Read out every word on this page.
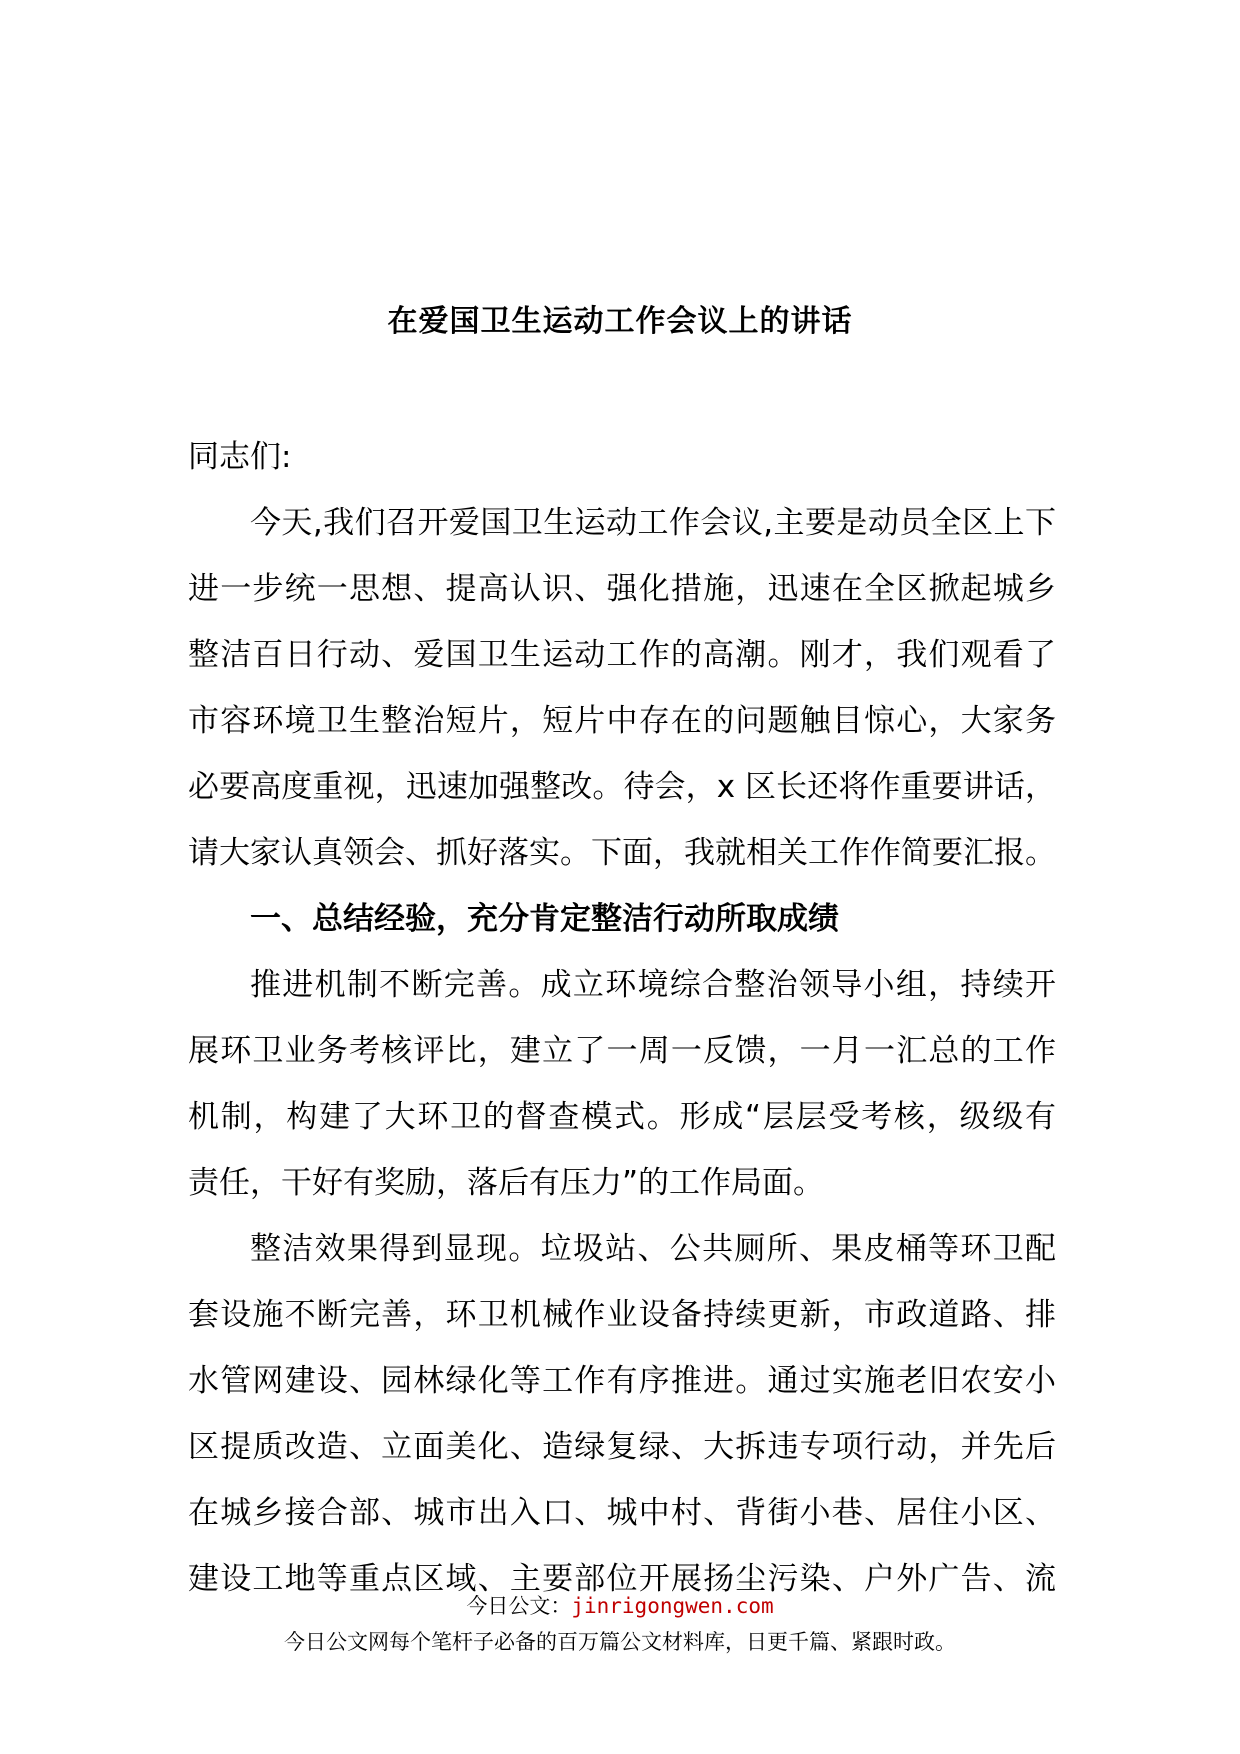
在爱国卫生运动工作会议上的讲话
同志们:
今天,我们召开爱国卫生运动工作会议,主要是动员全区上下
进一步统一思想、提高认识、强化措施，迅速在全区掀起城乡
整洁百日行动、爱国卫生运动工作的高潮。刚才，我们观看了
市容环境卫生整治短片，短片中存在的问题触目惊心，大家务
必要高度重视，迅速加强整改。待会，x 区长还将作重要讲话，
请大家认真领会、抓好落实。下面，我就相关工作作简要汇报。
一、总结经验，充分肯定整洁行动所取成绩
推进机制不断完善。成立环境综合整治领导小组，持续开
展环卫业务考核评比，建立了一周一反馈，一月一汇总的工作
机制，构建了大环卫的督查模式。形成“层层受考核，级级有
责任，干好有奖励，落后有压力”的工作局面。
整洁效果得到显现。垃圾站、公共厕所、果皮桶等环卫配
套设施不断完善，环卫机械作业设备持续更新，市政道路、排
水管网建设、园林绿化等工作有序推进。通过实施老旧农安小
区提质改造、立面美化、造绿复绿、大拆违专项行动，并先后
在城乡接合部、城市出入口、城中村、背街小巷、居住小区、
建设工地等重点区域、主要部位开展扬尘污染、户外广告、流
今日公文：jinrigongwen.com
今日公文网每个笔杆子必备的百万篇公文材料库，日更千篇、紧跟时政。
